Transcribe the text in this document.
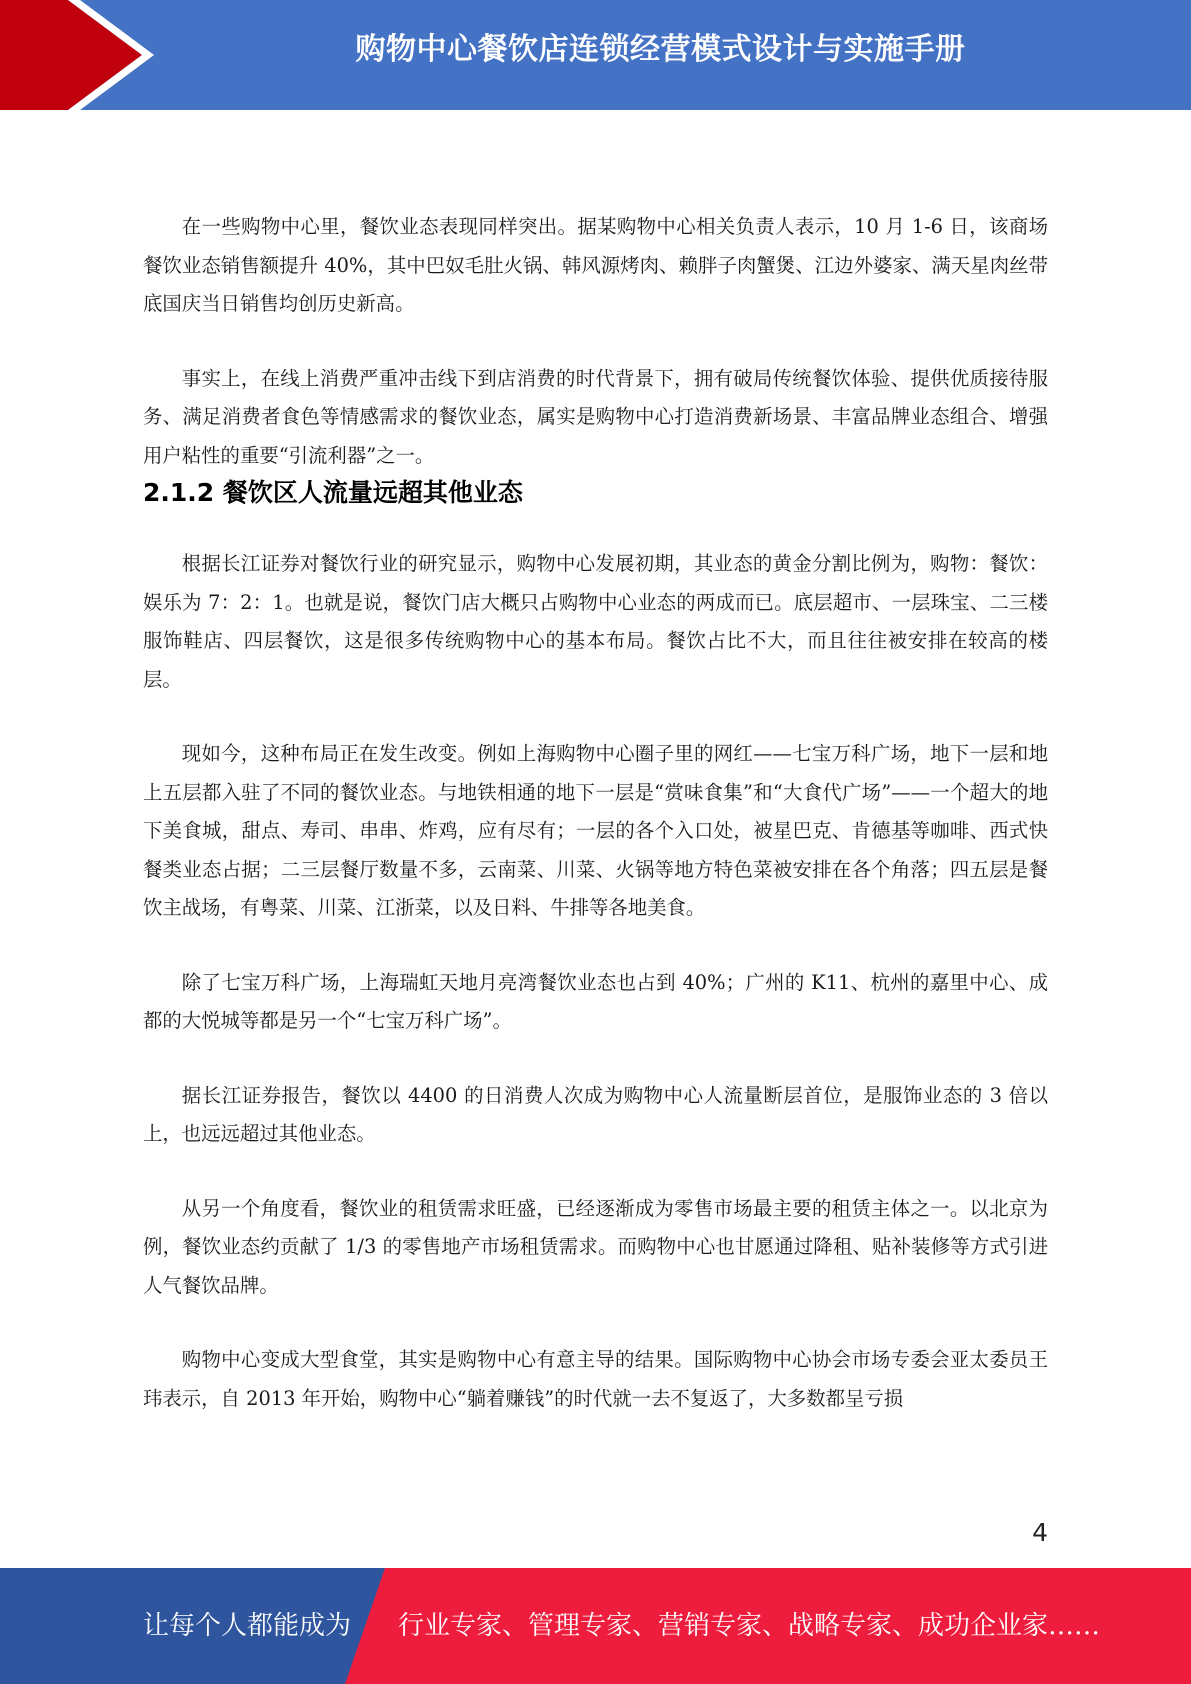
购物中心餐饮店连锁经营模式设计与实施手册

在一些购物中心里，餐饮业态表现同样突出。据某购物中心相关负责人表示，10 月 1-6 日，该商场餐饮业态销售额提升 40%，其中巴奴毛肚火锅、韩风源烤肉、赖胖子肉蟹煲、江边外婆家、满天星肉丝带底国庆当日销售均创历史新高。

事实上，在线上消费严重冲击线下到店消费的时代背景下，拥有破局传统餐饮体验、提供优质接待服务、满足消费者食色等情感需求的餐饮业态，属实是购物中心打造消费新场景、丰富品牌业态组合、增强用户粘性的重要“引流利器”之一。

2.1.2 餐饮区人流量远超其他业态

根据长江证券对餐饮行业的研究显示，购物中心发展初期，其业态的黄金分割比例为，购物：餐饮：娱乐为 7：2：1。也就是说，餐饮门店大概只占购物中心业态的两成而已。底层超市、一层珠宝、二三楼服饰鞋店、四层餐饮，这是很多传统购物中心的基本布局。餐饮占比不大，而且往往被安排在较高的楼层。

现如今，这种布局正在发生改变。例如上海购物中心圈子里的网红——七宝万科广场，地下一层和地上五层都入驻了不同的餐饮业态。与地铁相通的地下一层是“赏味食集”和“大食代广场”——一个超大的地下美食城，甜点、寿司、串串、炸鸡，应有尽有；一层的各个入口处，被星巴克、肯德基等咖啡、西式快餐类业态占据；二三层餐厅数量不多，云南菜、川菜、火锅等地方特色菜被安排在各个角落；四五层是餐饮主战场，有粤菜、川菜、江浙菜，以及日料、牛排等各地美食。

除了七宝万科广场，上海瑞虹天地月亮湾餐饮业态也占到 40%；广州的 K11、杭州的嘉里中心、成都的大悦城等都是另一个“七宝万科广场”。

据长江证券报告，餐饮以 4400 的日消费人次成为购物中心人流量断层首位，是服饰业态的 3 倍以上，也远远超过其他业态。

从另一个角度看，餐饮业的租赁需求旺盛，已经逐渐成为零售市场最主要的租赁主体之一。以北京为例，餐饮业态约贡献了 1/3 的零售地产市场租赁需求。而购物中心也甘愿通过降租、贴补装修等方式引进人气餐饮品牌。

购物中心变成大型食堂，其实是购物中心有意主导的结果。国际购物中心协会市场专委会亚太委员王玮表示，自 2013 年开始，购物中心“躺着赚钱”的时代就一去不复返了，大多数都呈亏损

4
让每个人都能成为 行业专家、管理专家、营销专家、战略专家、成功企业家……
